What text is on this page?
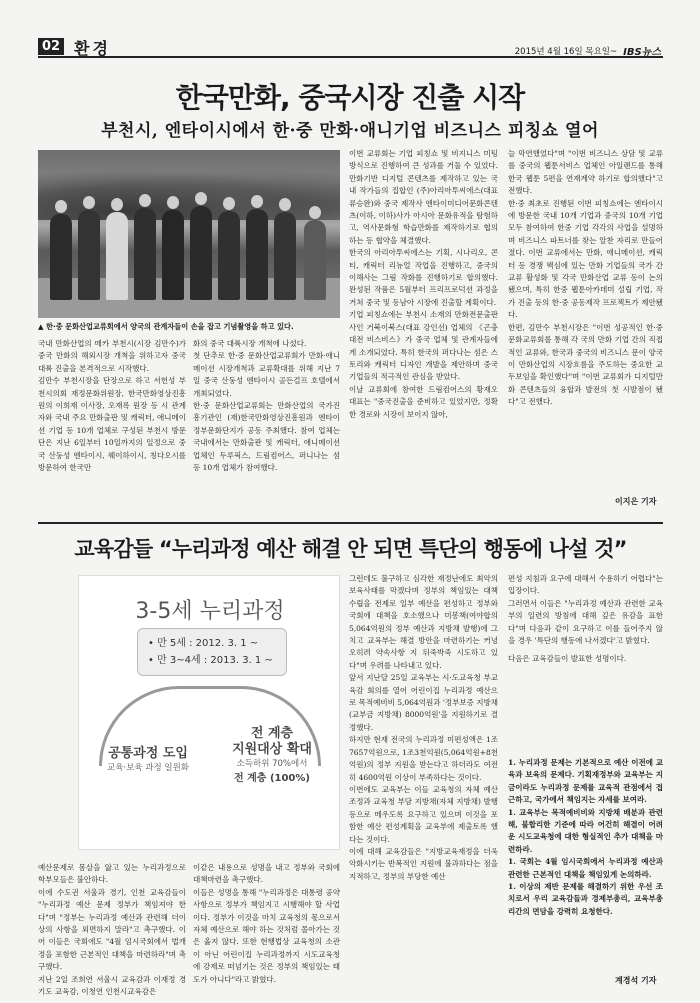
02 환경	2015년 4월 16일 목요일~ IBS뉴스
한국만화, 중국시장 진출 시작
부천시, 엔타이시에서 한·중 만화·애니기업 비즈니스 피칭쇼 열어
▲ 한·중 문화산업교류회에서 양국의 관계자들이 손을 잡고 기념촬영을 하고 있다.

국내 만화산업의 메카 부천시(시장 김만수)가 중국 만화의 해외시장 개척을 위하고자 중국 대륙 진출을 본격적으로 시작했다.

김만수 부천시장을 단장으로 하고 서헌성 부천시의회 재정문화위원장, 한국만화영상진흥원의 이희재 이사장, 오재록 원장 등 시 관계자와 국내 주요 만화출판 및 캐릭터, 애니메이션 기업 등 10개 업체로 구성된 부천시 방문단은 지난 6일부터 10일까지의 일정으로 중국 산둥성 엔타이시, 웨이하이시, 칭다오시를 방문하여 한국만

화의 중국 대륙시장 개척에 나섰다.

첫 단추로 한·중 문화산업교류회가 만화·애니메이션 시장개척과 교류확대를 위해 지난 7일 중국 산둥성 엔타이시 골든걸프 호텔에서 개최되었다.

한·중 문화산업교류회는 만화산업의 국가진흥기관인 (재)한국만화영상진흥원과 엔타이정부문화단지가 공동 주최했다. 참여 업체는 국내에서는 만화출판 및 캐릭터, 애니메이션 업체인 두루픽스, 드림컴어스, 퍼니나는 섬 등 10개 업체가 참여했다.

이번 교류회는 기업 피칭쇼 및 비지니스 미팅 방식으로 진행하여 큰 성과를 거둘 수 있었다. 만화기반 디지털 콘텐츠를 제작하고 있는 국내 작가들의 집합인 (주)아리아투씨에스(대표 류승완)와 중국 제작사 엔타이미디어문화콘텐츠(이하, 이하)사가 아시아 문화유적을 탐험하고, 역사문화형 학습만화를 제작하기로 협의하는 등 협약을 체결했다.

한국의 아리아투씨에스는 기획, 시나리오, 콘티, 캐릭터 리뉴얼 작업을 진행하고, 중국의 이해사는 그림 작화를 진행하기로 합의했다. 완성된 작품은 5월부터 프리프로덕션 과정을 거쳐 중국 및 동남아 시장에 진출할 계획이다.

기업 피칭쇼에는 부천시 소재의 만화전문출판사인 거북이북스(대표 강인선) 업체의 《곤충대전 비스비스》가 중국 업체 및 관계자들에게 소개되었다. 특히 한국의 퍼다나는 섬은 스토리와 캐릭터 디자인 개발을 제안하며 중국 기업들의 적극적인 관심을 받았다.

이날 교류회에 참여한 드림컴어스의 황재오 대표는 "중국진출을 준비하고 있었지만, 정확한 경로와 시장이 보이지 않아,

늘 막연했었다"며 "이번 비즈니스 상담 및 교류를 중국의 웹툰서비스 업체인 아일랜드를 통해 한국 웹툰 5편을 연재계약 하기로 합의했다"고 전했다.

한·중 최초로 진행된 이번 피칭쇼에는 엔타이시에 방문한 국내 10개 기업과 중국의 10개 기업 모두 참여하여 한중 기업 각각의 사업을 설명하며 비즈니스 파트너를 찾는 알찬 자리로 만들어 졌다. 이번 교류에서는 만화, 애니메이션, 캐릭터 등 경쟁 핵심에 있는 만화 기업들의 국가 간 교류 활성화 및 각국 만화산업 교류 등이 논의 됐으며, 특히 한중 웹툰아카데미 설립 기업, 작가 진출 등의 한·중 공동제작 프로젝트가 제안됐다.

한편, 김만수 부천시장은 "이번 성공적인 한·중 문화교류회를 통해 각 국의 만화 기업 간의 직접적인 교류와, 한국과 중국의 비즈니스 문이 양국이 만화산업의 시장흐름을 주도하는 중요한 교두보임을 확인했다"며 "이번 교류회가 디지털만화 콘텐츠들의 융합과 발전의 첫 시발점이 됐다"고 전했다.

이지은 기자
교육감들 “누리과정 예산 해결 안 되면 특단의 행동에 나설 것”
3-5세 누리과정
• 만 5세 : 2012. 3. 1 ~
• 만 3~4세 : 2013. 3. 1 ~
공통과정 도입
교육·보육 과정 일원화
전 계층
지원대상 확대
소득하위 70%에서
전 계층 (100%)

예산문제로 몸살을 앓고 있는 누리과정으로 학부모들은 불안하다.

이에 수도권 서울과 경기, 인천 교육감들이 "누리과정 예산 문제 정부가 책임져야 한다"며 "정부는 누리과정 예산과 관련해 더이상의 사항을 외면하지 말라"고 촉구했다. 이어 이들은 국회에도 "4월 임시국회에서 법개정을 포함한 근본적인 대책을 마련하라"며 촉구했다.

지난 2일 조희연 서울시 교육감과 이재정 경기도 교육감, 이청연 인천시교육감은

이같은 내용으로 성명을 내고 정부와 국회에 대책마련을 촉구했다.

이들은 성명을 통해 "누리과정은 대통령 공약 사항으로 정부가 책임지고 시행해야 할 사업이다. 정부가 이것을 마치 교육청의 몫으로서 자체 예산으로 해야 하는 것처럼 몰아가는 것은 옳지 않다. 또한 현행법상 교육청의 소관이 아닌 어린이집 누리과정까지 시도교육청에 강제로 떠넘기는 것은 정부의 책임있는 태도가 아니다"라고 밝혔다.

그런데도 불구하고 심각한 재정난에도 최악의 보육사태를 막겠다며 정부의 책임있는 대책 수립을 전제로 일부 예산을 편성하고 정부와 국회에 대책을 호소했으나 미봉책(여야합의 5,064억원의 정부 예산과 지방채 발행)에 그치고 교육부는 해결 방안을 마련하기는 커녕 오히려 약속사항 지 뒤죽박죽 시도하고 있다"며 우려를 나타내고 있다.

앞서 지난달 25일 교육부는 시·도교육청 부교육감 회의를 열어 어린이집 누리과정 예산으로 목적예비비 5,064억원과 '정부보증 지방채(교부금 지방채) 8000억원'을 지원하기로 결정했다.

하지만 현재 전국의 누리과정 미편성액은 1조7657억원으로, 1조3천억원(5,064억원+8천억원)의 정부 지원을 받는다고 하더라도 여전히 4600억원 이상이 부족하다는 것이다.

이번에도 교육부는 이들 교육청의 자체 예산 조정과 교육청 부담 지방채(자체 지방채) 발행 등으로 메우도록 요구하고 있으며 이것을 포함한 예산 편성계획을 교육부에 제출토록 했다는 것이다.

이에 대해 교육감들은 "지방교육재정을 더욱 악화시키는 반복적인 지원에 불과하다는 점을 지적하고, 정부의 부당한 예산

편성 지침과 요구에 대해서 수용하기 어렵다"는 입장이다.

그러면서 이들은 "누리과정 예산과 관련한 교육부의 일련의 방침에 대해 깊은 유감을 표한다"며 다음과 같이 요구하고 이를 들어주지 않을 경우 '특단의 행동에 나서겠다'고 밝혔다.

다음은 교육감들이 발표한 성명이다.

1. 누리과정 문제는 기본적으로 예산 이전에 교육과 보육의 문제다. 기획재정부와 교육부는 지금이라도 누리과정 문제를 교육적 관점에서 접근하고, 국가에서 책임지는 자세를 보여라.

1. 교육부는 목적예비비와 지방채 배분과 관련해, 불합리한 기준에 따라 어건히 해결이 어려운 시도교육청에 대한 형실적인 추가 대책을 마련하라.

1. 국회는 4월 임시국회에서 누리과정 예산과 관련한 근본적인 대책을 책임있게 논의하라.

1. 이상의 제반 문제를 해결하기 위한 우선 조치로서 우리 교육감들과 경제부총리, 교육부총리간의 면담을 강력히 요청한다.

계경석 기자
